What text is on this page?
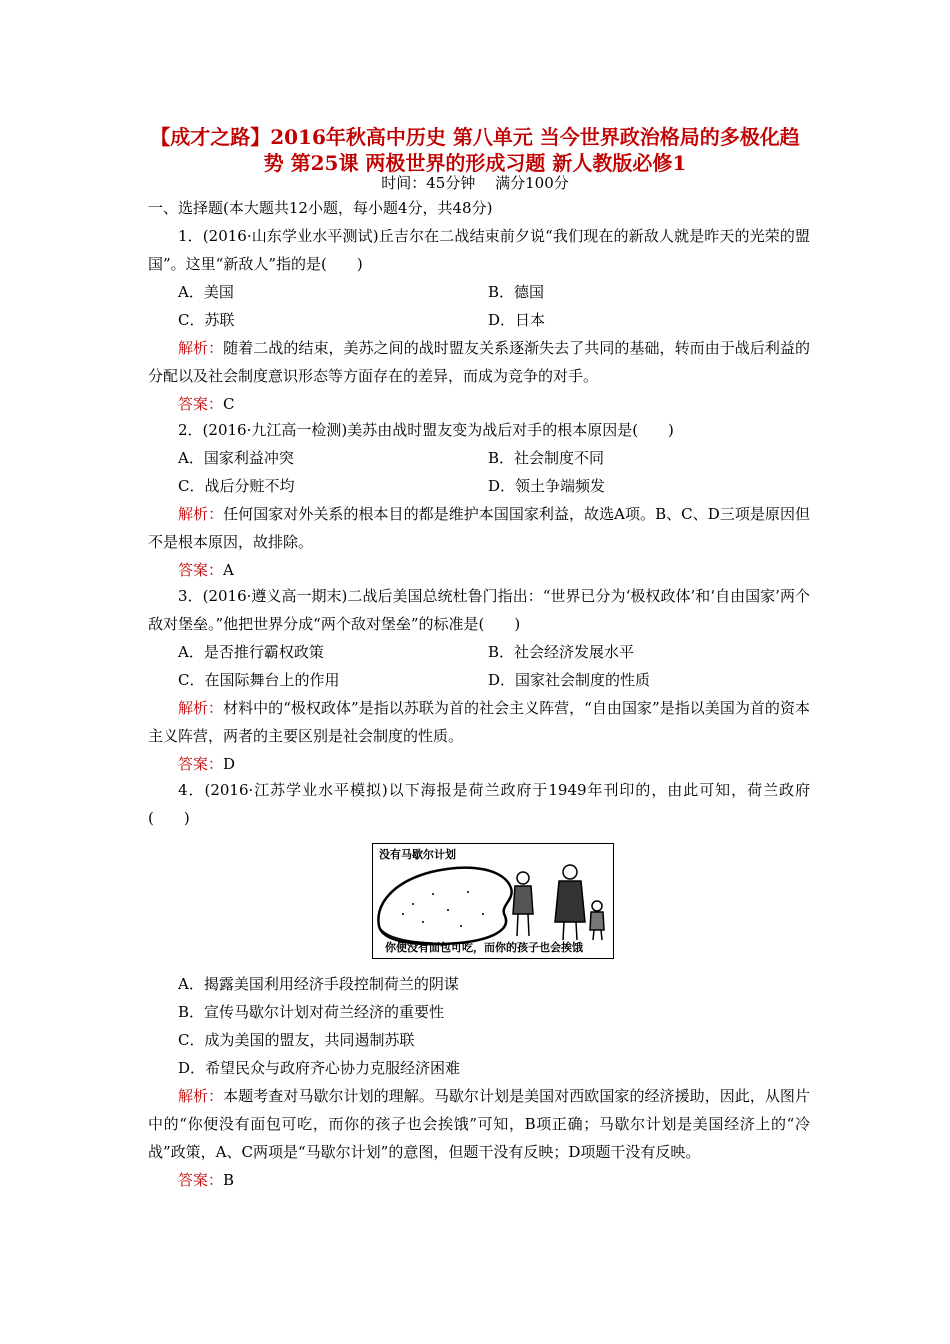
【成才之路】2016年秋高中历史 第八单元 当今世界政治格局的多极化趋势 第25课 两极世界的形成习题 新人教版必修1
时间：45分钟　 满分100分
一、选择题(本大题共12小题，每小题4分，共48分)

1．(2016·山东学业水平测试)丘吉尔在二战结束前夕说“我们现在的新敌人就是昨天的光荣的盟国”。这里“新敌人”指的是(　　)

A．美国	B．德国
C．苏联	D．日本

解析：随着二战的结束，美苏之间的战时盟友关系逐渐失去了共同的基础，转而由于战后利益的分配以及社会制度意识形态等方面存在的差异，而成为竞争的对手。

答案：C

2．(2016·九江高一检测)美苏由战时盟友变为战后对手的根本原因是(　　)

A．国家利益冲突	B．社会制度不同
C．战后分赃不均	D．领土争端频发

解析：任何国家对外关系的根本目的都是维护本国国家利益，故选A项。B、C、D三项是原因但不是根本原因，故排除。

答案：A

3．(2016·遵义高一期末)二战后美国总统杜鲁门指出：“世界已分为‘极权政体’和‘自由国家’两个敌对堡垒。”他把世界分成“两个敌对堡垒”的标准是(　　)

A．是否推行霸权政策	B．社会经济发展水平
C．在国际舞台上的作用	D．国家社会制度的性质

解析：材料中的“极权政体”是指以苏联为首的社会主义阵营，“自由国家”是指以美国为首的资本主义阵营，两者的主要区别是社会制度的性质。

答案：D

4．(2016·江苏学业水平模拟)以下海报是荷兰政府于1949年刊印的，由此可知，荷兰政府(　　)

没有马歇尔计划
你便没有面包可吃，而你的孩子也会挨饿

A．揭露美国利用经济手段控制荷兰的阴谋

B．宣传马歇尔计划对荷兰经济的重要性

C．成为美国的盟友，共同遏制苏联

D．希望民众与政府齐心协力克服经济困难

解析：本题考查对马歇尔计划的理解。马歇尔计划是美国对西欧国家的经济援助，因此，从图片中的“你便没有面包可吃，而你的孩子也会挨饿”可知，B项正确；马歇尔计划是美国经济上的“冷战”政策，A、C两项是“马歇尔计划”的意图，但题干没有反映；D项题干没有反映。

答案：B
